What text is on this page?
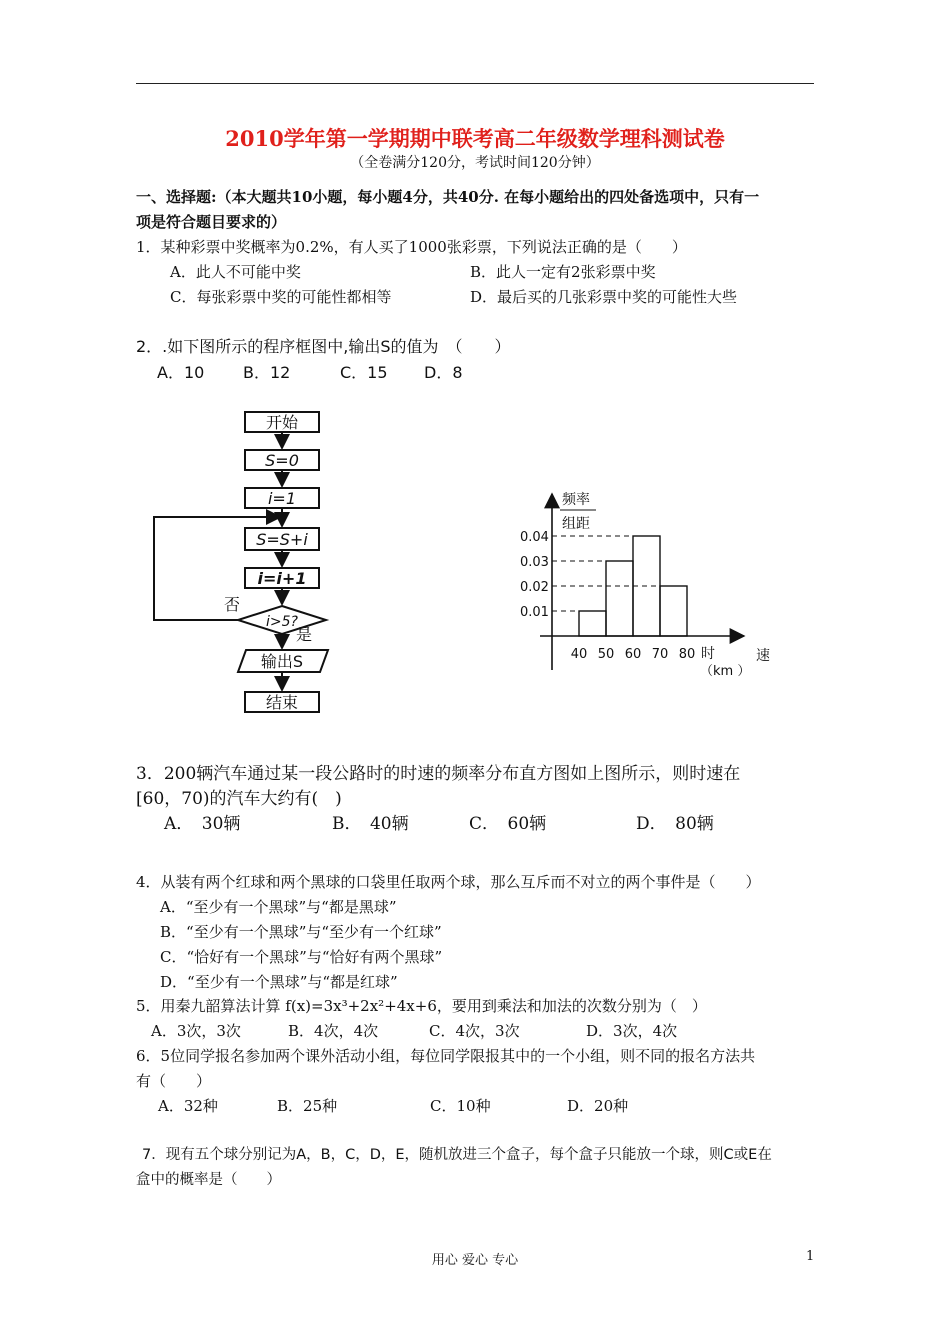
2010学年第一学期期中联考高二年级数学理科测试卷
（全卷满分120分，考试时间120分钟）
一、选择题:（本大题共10小题，每小题4分，共40分. 在每小题给出的四处备选项中，只有一
项是符合题目要求的）
1．某种彩票中奖概率为0.2%，有人买了1000张彩票，下列说法正确的是（　　）
A．此人不可能中奖	B．此人一定有2张彩票中奖
C．每张彩票中奖的可能性都相等	D．最后买的几张彩票中奖的可能性大些
2．.如下图所示的程序框图中,输出S的值为　（　　）
A．10 B．12	C．15 D．8
开始
S=0
i=1
S=S+i
i=i+1
i>5?
否
是
输出S
结束
0.01
0.02
0.03
0.04
40 50 60 70 80
频率
组距
时	速
（km ）
3．200辆汽车通过某一段公路时的时速的频率分布直方图如上图所示，则时速在
[60，70)的汽车大约有(　)
A．　30辆	B．　40辆	C．　60辆	D．　80辆
4．从装有两个红球和两个黑球的口袋里任取两个球，那么互斥而不对立的两个事件是（　　）
A．“至少有一个黑球”与“都是黑球”
B．“至少有一个黑球”与“至少有一个红球”
C．“恰好有一个黑球”与“恰好有两个黑球”
D．“至少有一个黑球”与“都是红球”
5．用秦九韶算法计算 f(x)=3x³+2x²+4x+6，要用到乘法和加法的次数分别为（　）
A．3次，3次	B．4次，4次	C．4次，3次	D．3次，4次
6．5位同学报名参加两个课外活动小组，每位同学限报其中的一个小组，则不同的报名方法共
有（　　）
A．32种	B．25种	C．10种	D．20种
7．现有五个球分别记为A，B，C，D，E，随机放进三个盒子，每个盒子只能放一个球，则C或E在
盒中的概率是（　　）
用心 爱心 专心	1
